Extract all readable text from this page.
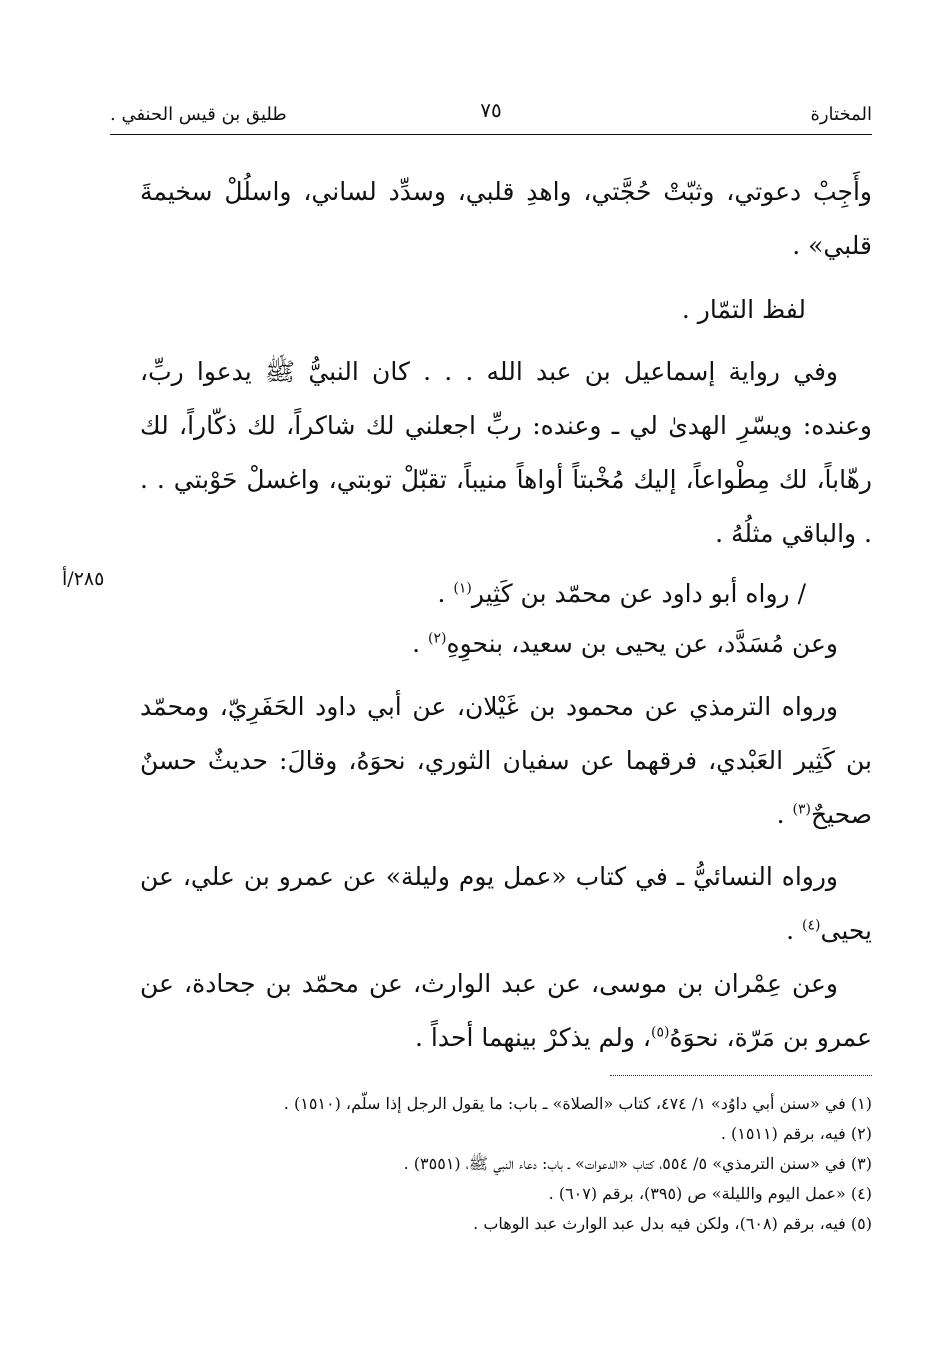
المختارة
٧٥
طليق بن قيس الحنفي .
٢٨٥/أ
وأَجِبْ دعوتي، وثبّتْ حُجَّتي، واهدِ قلبي، وسدِّد لساني، واسلُلْ سخيمةَ قلبي» .
لفظ التمّار .
وفي رواية إسماعيل بن عبد الله . . . كان النبيُّ ﷺ يدعوا ربِّ، وعنده: ويسّرِ الهدىٰ لي ـ وعنده: ربِّ اجعلني لك شاكراً، لك ذكّاراً، لك رهّاباً، لك مِطْواعاً، إليك مُخْبتاً أواهاً منيباً، تقبّلْ توبتي، واغسلْ حَوْبتي . . . والباقي مثلُهُ .
/ رواه أبو داود عن محمّد بن كَثِير$^{(١)}$ .
وعن مُسَدَّد، عن يحيى بن سعيد، بنحوِهِ$^{(٢)}$ .
ورواه الترمذي عن محمود بن غَيْلان، عن أبي داود الحَفَرِيّ، ومحمّد بن كَثِير العَبْدي، فرقهما عن سفيان الثوري، نحوَهُ، وقالَ: حديثٌ حسنٌ صحيحٌ$^{(٣)}$ .
ورواه النسائيُّ ـ في كتاب «عمل يوم وليلة» عن عمرو بن علي، عن يحيى$^{(٤)}$ .
وعن عِمْران بن موسى، عن عبد الوارث، عن محمّد بن جحادة، عن عمرو بن مَرّة، نحوَهُ$^{(٥)}$، ولم يذكرْ بينهما أحداً .
(١) في «سنن أبي داوُد» ١/ ٤٧٤، كتاب «الصلاة» ـ باب: ما يقول الرجل إذا سلّم، (١٥١٠) .
(٢) فيه، برقم (١٥١١) .
(٣) في «سنن الترمذي» ٥/ ٥٥٤، كتاب «الدعوات» ـ باب: دعاء النبي ﷺ، (٣٥٥١) .
(٤) «عمل اليوم والليلة» ص (٣٩٥)، برقم (٦٠٧) .
(٥) فيه، برقم (٦٠٨)، ولكن فيه بدل عبد الوارث عبد الوهاب .
